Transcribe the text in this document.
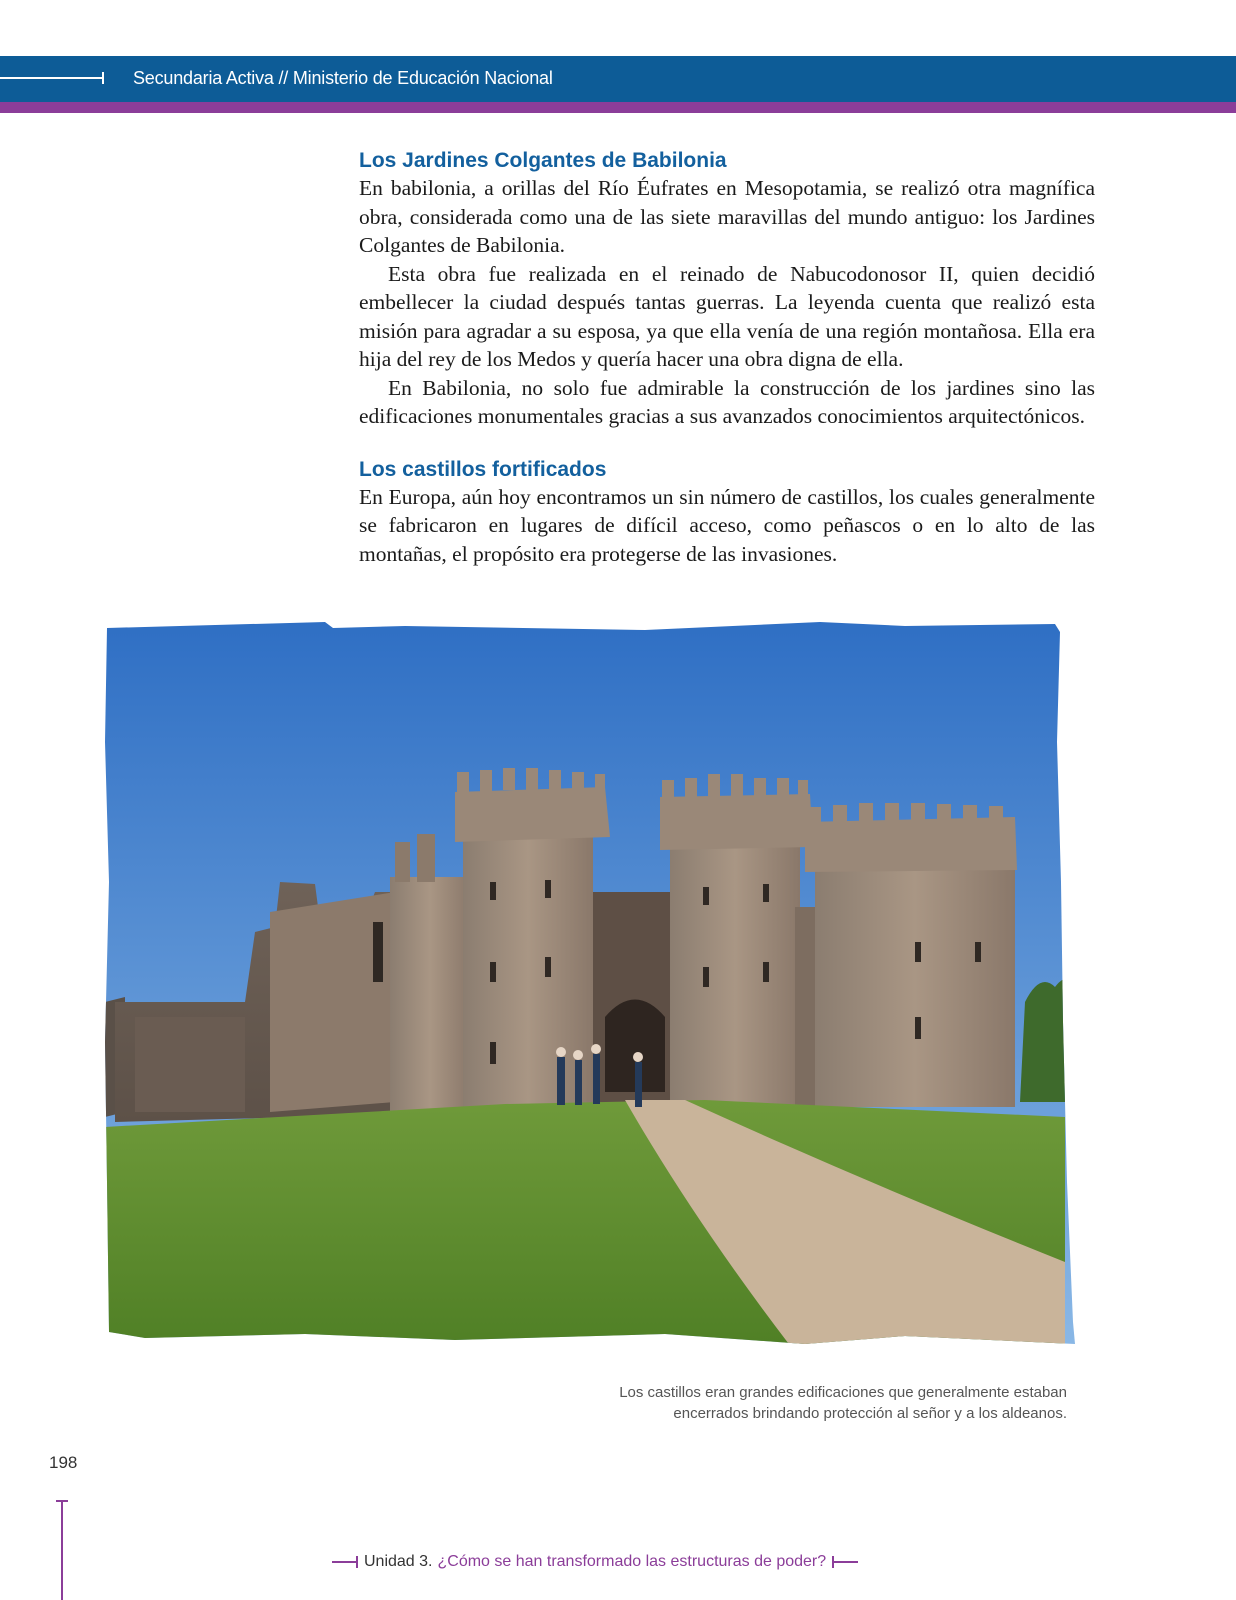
Secundaria Activa // Ministerio de Educación Nacional
Los Jardines Colgantes de Babilonia

En babilonia, a orillas del Río Éufrates en Mesopotamia, se realizó otra magnífica obra, considerada como una de las siete maravillas del mundo antiguo: los Jardines Colgantes de Babilonia.

Esta obra fue realizada en el reinado de Nabucodonosor II, quien decidió embellecer la ciudad después tantas guerras. La leyenda cuenta que realizó esta misión para agradar a su esposa, ya que ella venía de una región montañosa. Ella era hija del rey de los Medos y quería hacer una obra digna de ella.

En Babilonia, no solo fue admirable la construcción de los jardines sino las edificaciones monumentales gracias a sus avanzados conocimientos arquitectónicos.

Los castillos fortificados

En Europa, aún hoy encontramos un sin número de castillos, los cuales generalmente se fabricaron en lugares de difícil acceso, como peñascos o en lo alto de las montañas, el propósito era protegerse de las invasiones.

Los castillos eran grandes edificaciones que generalmente estaban
encerrados brindando protección al señor y a los aldeanos.
198
Unidad 3. ¿Cómo se han transformado las estructuras de poder?
